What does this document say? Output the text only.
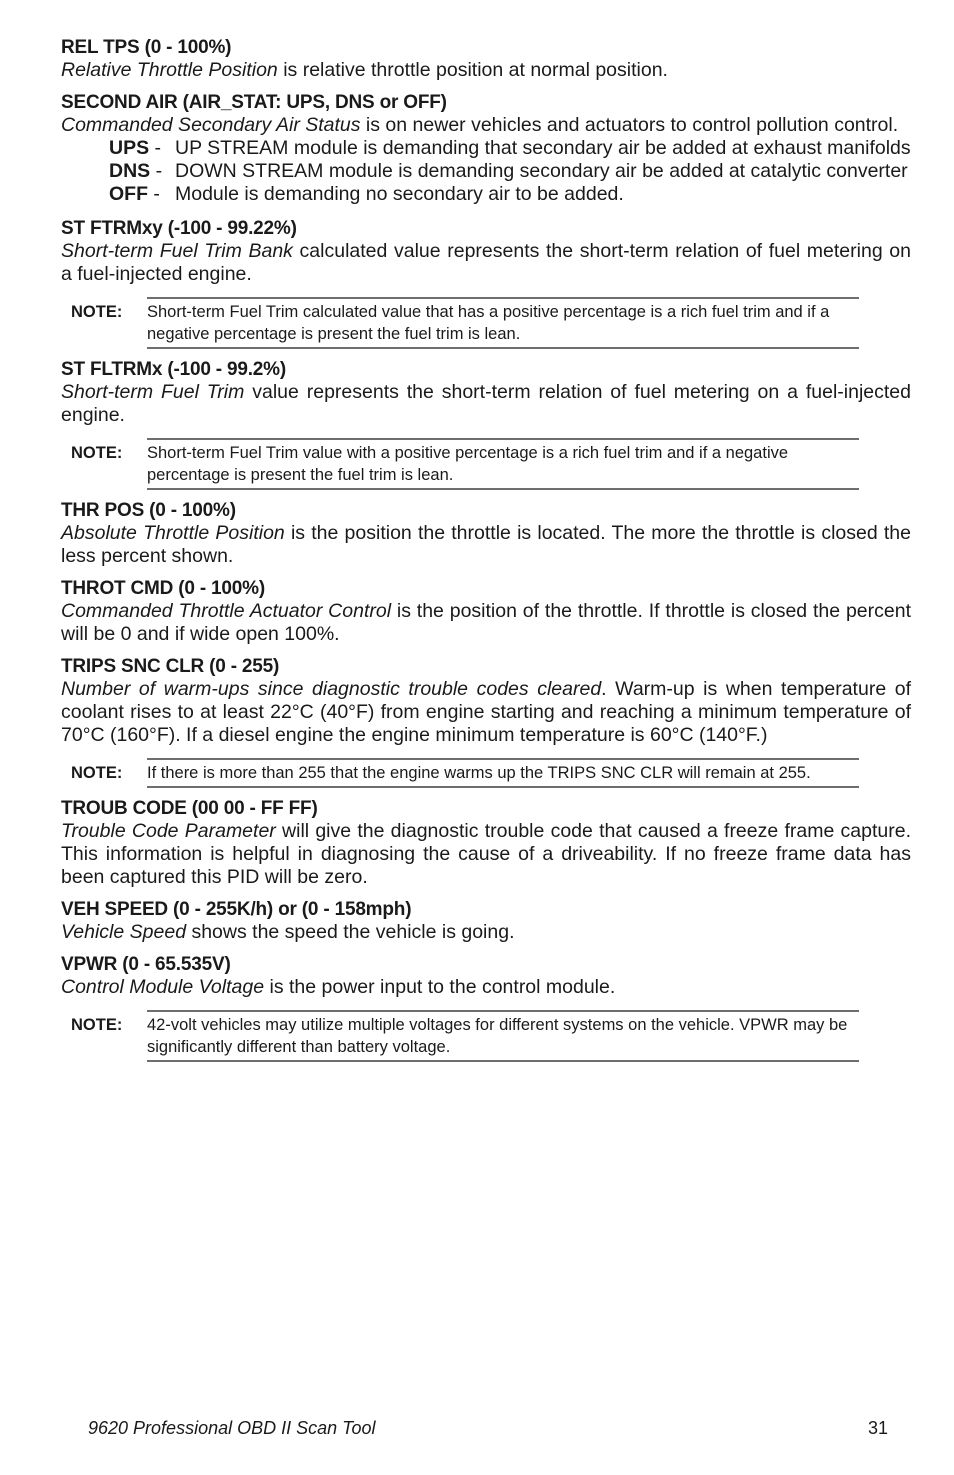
REL TPS (0 - 100%)

Relative Throttle Position is relative throttle position at normal position.

SECOND AIR (AIR_STAT: UPS, DNS or OFF)

Commanded Secondary Air Status is on newer vehicles and actuators to control pollution control.

UPS - UP STREAM module is demanding that secondary air be added at exhaust manifolds
DNS - DOWN STREAM module is demanding secondary air be added at catalytic converter
OFF - Module is demanding no secondary air to be added.

ST FTRMxy (-100 - 99.22%)

Short-term Fuel Trim Bank calculated value represents the short-term relation of fuel metering on a fuel-injected engine.

NOTE:	Short-term Fuel Trim calculated value that has a positive percentage is a rich fuel trim and if a negative percentage is present the fuel trim is lean.

ST FLTRMx (-100 - 99.2%)

Short-term Fuel Trim value represents the short-term relation of fuel metering on a fuel-injected engine.

NOTE:	Short-term Fuel Trim value with a positive percentage is a rich fuel trim and if a negative percentage is present the fuel trim is lean.

THR POS (0 - 100%)

Absolute Throttle Position is the position the throttle is located. The more the throttle is closed the less percent shown.

THROT CMD (0 - 100%)

Commanded Throttle Actuator Control is the position of the throttle. If throttle is closed the percent will be 0 and if wide open 100%.

TRIPS SNC CLR (0 - 255)

Number of warm-ups since diagnostic trouble codes cleared. Warm-up is when temperature of coolant rises to at least 22°C (40°F) from engine starting and reaching a minimum temperature of 70°C (160°F). If a diesel engine the engine minimum temperature is 60°C (140°F.)

NOTE:	If there is more than 255 that the engine warms up the TRIPS SNC CLR will remain at 255.

TROUB CODE (00 00 - FF FF)

Trouble Code Parameter will give the diagnostic trouble code that caused a freeze frame capture. This information is helpful in diagnosing the cause of a driveability. If no freeze frame data has been captured this PID will be zero.

VEH SPEED (0 - 255K/h) or (0 - 158mph)

Vehicle Speed shows the speed the vehicle is going.

VPWR (0 - 65.535V)

Control Module Voltage is the power input to the control module.

NOTE:	42-volt vehicles may utilize multiple voltages for different systems on the vehicle. VPWR may be significantly different than battery voltage.
9620 Professional OBD II Scan Tool	31
